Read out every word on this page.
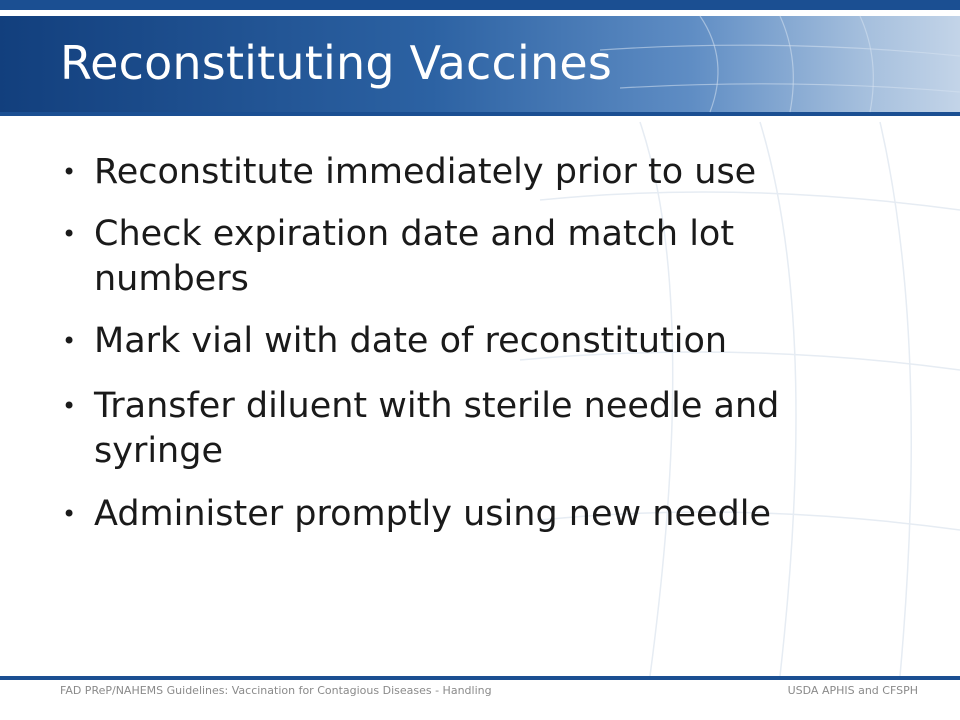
Reconstituting Vaccines
• Reconstitute immediately prior to use
• Check expiration date and match lot numbers
• Mark vial with date of reconstitution
• Transfer diluent with sterile needle and syringe
• Administer promptly using new needle
FAD PReP/NAHEMS Guidelines: Vaccination for Contagious Diseases - Handling	USDA APHIS and CFSPH
